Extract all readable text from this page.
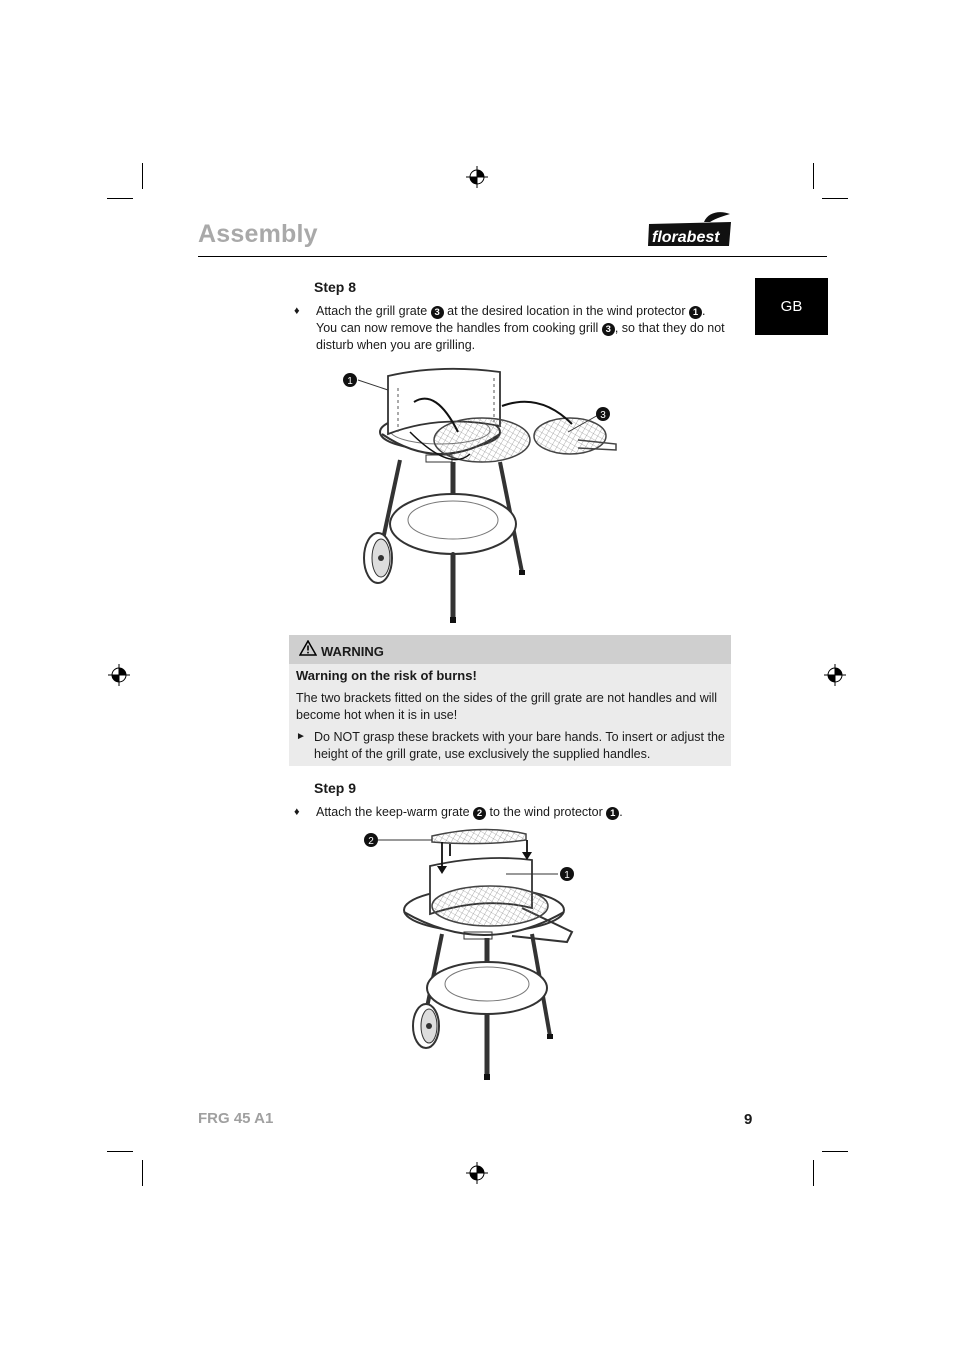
Assembly	florabest
GB
Step 8
♦ Attach the grill grate 3 at the desired location in the wind protector 1 .
You can now remove the handles from cooking grill 3 , so that they do not
disturb when you are grilling.
1
3
WARNING
Warning on the risk of burns!
The two brackets fitted on the sides of the grill grate are not handles and will
become hot when it is in use!
► Do NOT grasp these brackets with your bare hands. To insert or adjust the
height of the grill grate, use exclusively the supplied handles.
Step 9
♦ Attach the keep-warm grate 2 to the wind protector 1 .
2
1
FRG 45 A1	9
